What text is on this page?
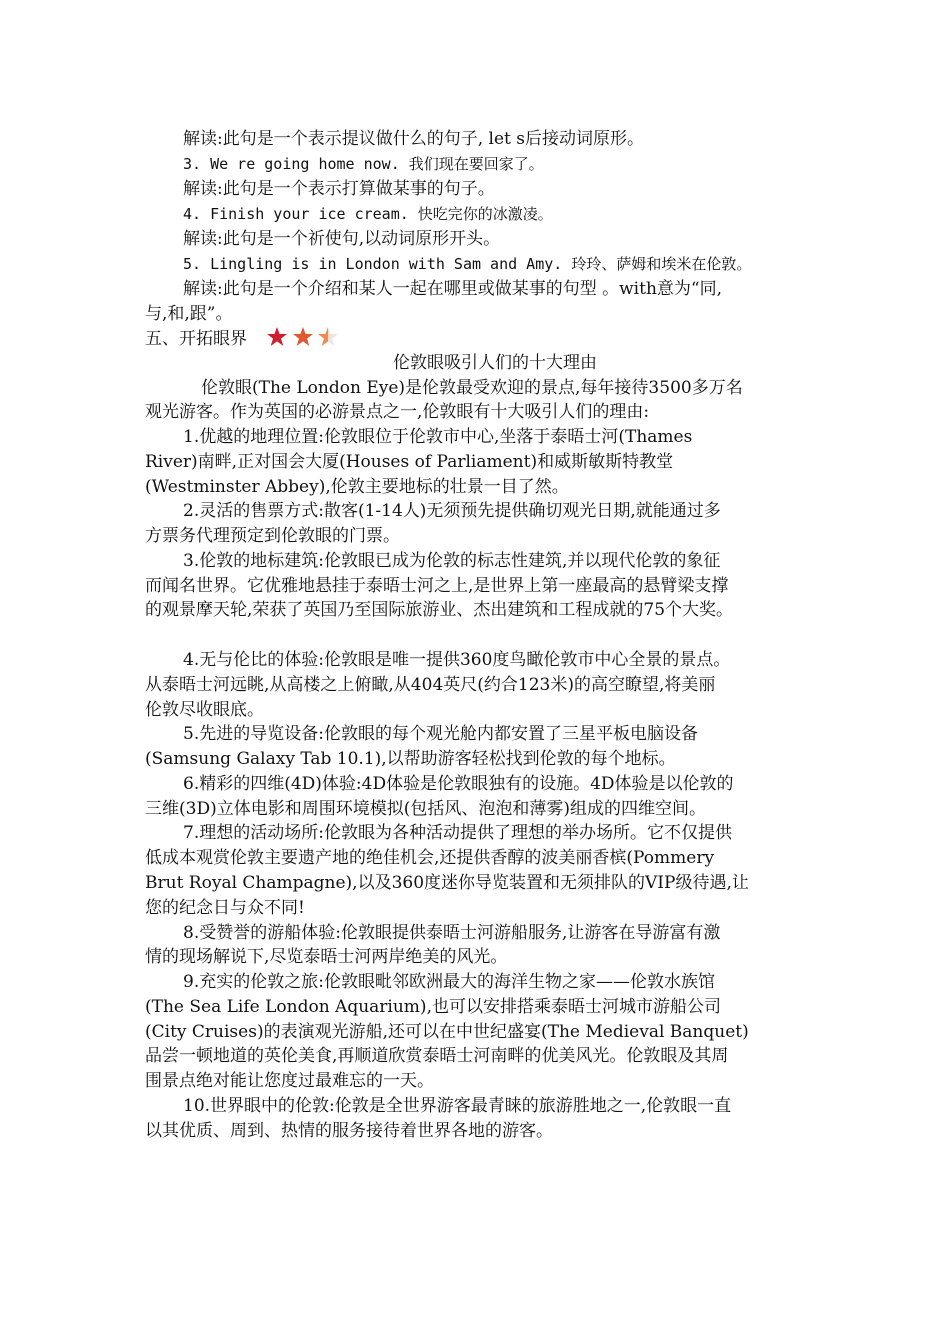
解读:此句是一个表示提议做什么的句子, let s后接动词原形。
3. We re going home now. 我们现在要回家了。
解读:此句是一个表示打算做某事的句子。
4. Finish your ice cream. 快吃完你的冰激凌。
解读:此句是一个祈使句,以动词原形开头。
5. Lingling is in London with Sam and Amy. 玲玲、萨姆和埃米在伦敦。
解读:此句是一个介绍和某人一起在哪里或做某事的句型 。with意为“同,
与,和,跟”。
五、开拓眼界
伦敦眼吸引人们的十大理由
伦敦眼(The London Eye)是伦敦最受欢迎的景点,每年接待3500多万名
观光游客。作为英国的必游景点之一,伦敦眼有十大吸引人们的理由:
1.优越的地理位置:伦敦眼位于伦敦市中心,坐落于泰晤士河(Thames
River)南畔,正对国会大厦(Houses of Parliament)和威斯敏斯特教堂
(Westminster Abbey),伦敦主要地标的壮景一目了然。
2.灵活的售票方式:散客(1-14人)无须预先提供确切观光日期,就能通过多
方票务代理预定到伦敦眼的门票。
3.伦敦的地标建筑:伦敦眼已成为伦敦的标志性建筑,并以现代伦敦的象征
而闻名世界。它优雅地悬挂于泰晤士河之上,是世界上第一座最高的悬臂梁支撑
的观景摩天轮,荣获了英国乃至国际旅游业、杰出建筑和工程成就的75个大奖。
4.无与伦比的体验:伦敦眼是唯一提供360度鸟瞰伦敦市中心全景的景点。
从泰晤士河远眺,从高楼之上俯瞰,从404英尺(约合123米)的高空瞭望,将美丽
伦敦尽收眼底。
5.先进的导览设备:伦敦眼的每个观光舱内都安置了三星平板电脑设备
(Samsung Galaxy Tab 10.1),以帮助游客轻松找到伦敦的每个地标。
6.精彩的四维(4D)体验:4D体验是伦敦眼独有的设施。4D体验是以伦敦的
三维(3D)立体电影和周围环境模拟(包括风、泡泡和薄雾)组成的四维空间。
7.理想的活动场所:伦敦眼为各种活动提供了理想的举办场所。它不仅提供
低成本观赏伦敦主要遗产地的绝佳机会,还提供香醇的波美丽香槟(Pommery
Brut Royal Champagne),以及360度迷你导览装置和无须排队的VIP级待遇,让
您的纪念日与众不同!
8.受赞誉的游船体验:伦敦眼提供泰晤士河游船服务,让游客在导游富有激
情的现场解说下,尽览泰晤士河两岸绝美的风光。
9.充实的伦敦之旅:伦敦眼毗邻欧洲最大的海洋生物之家——伦敦水族馆
(The Sea Life London Aquarium),也可以安排搭乘泰晤士河城市游船公司
(City Cruises)的表演观光游船,还可以在中世纪盛宴(The Medieval Banquet)
品尝一顿地道的英伦美食,再顺道欣赏泰晤士河南畔的优美风光。伦敦眼及其周
围景点绝对能让您度过最难忘的一天。
10.世界眼中的伦敦:伦敦是全世界游客最青睐的旅游胜地之一,伦敦眼一直
以其优质、周到、热情的服务接待着世界各地的游客。
